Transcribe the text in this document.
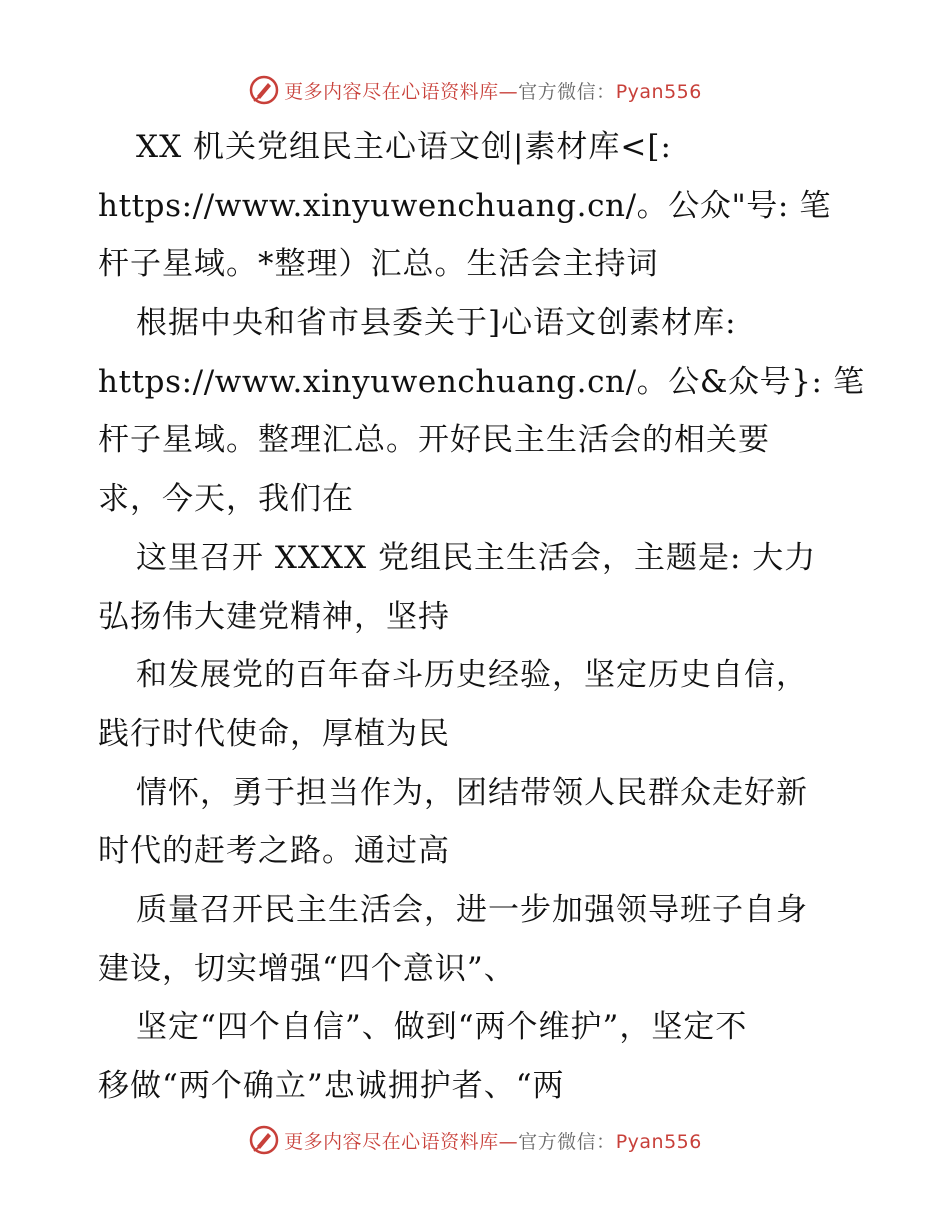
更多内容尽在心语资料库—官方微信：Pyan556
XX 机关党组民主心语文创|素材库<[:
https://www.xinyuwenchuang.cn/。公众"号: 笔
杆子星域。*整理）汇总。生活会主持词
根据中央和省市县委关于]心语文创素材库:
https://www.xinyuwenchuang.cn/。公&众号}: 笔
杆子星域。整理汇总。开好民主生活会的相关要
求，今天，我们在
这里召开 XXXX 党组民主生活会，主题是: 大力
弘扬伟大建党精神，坚持
和发展党的百年奋斗历史经验，坚定历史自信，
践行时代使命，厚植为民
情怀，勇于担当作为，团结带领人民群众走好新
时代的赶考之路。通过高
质量召开民主生活会，进一步加强领导班子自身
建设，切实增强“四个意识”、
坚定“四个自信”、做到“两个维护”，坚定不
移做“两个确立”忠诚拥护者、“两
更多内容尽在心语资料库—官方微信：Pyan556
